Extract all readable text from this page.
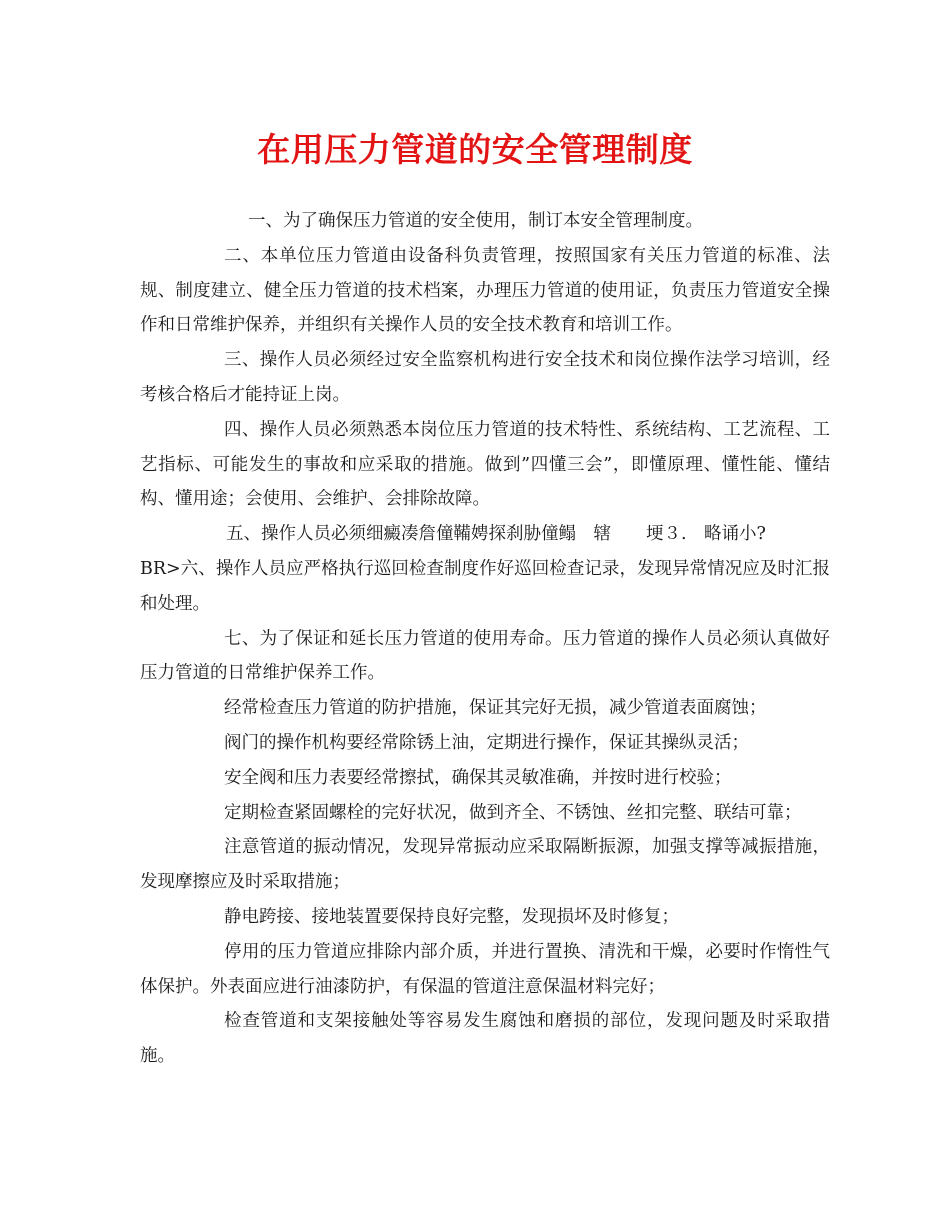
在用压力管道的安全管理制度

一、为了确保压力管道的安全使用，制订本安全管理制度。

二、本单位压力管道由设备科负责管理，按照国家有关压力管道的标准、法规、制度建立、健全压力管道的技术档案，办理压力管道的使用证，负责压力管道安全操作和日常维护保养，并组织有关操作人员的安全技术教育和培训工作。

三、操作人员必须经过安全监察机构进行安全技术和岗位操作法学习培训，经考核合格后才能持证上岗。

四、操作人员必须熟悉本岗位压力管道的技术特性、系统结构、工艺流程、工艺指标、可能发生的事故和应采取的措施。做到”四懂三会”，即懂原理、懂性能、懂结构、懂用途；会使用、会维护、会排除故障。

五、操作人员必须细癜凑詹僮鞴娉探刹胁僮鳎　辖　　埂３.　略诵小?

BR>六、操作人员应严格执行巡回检查制度作好巡回检查记录，发现异常情况应及时汇报和处理。

七、为了保证和延长压力管道的使用寿命。压力管道的操作人员必须认真做好压力管道的日常维护保养工作。

经常检查压力管道的防护措施，保证其完好无损，减少管道表面腐蚀；

阀门的操作机构要经常除锈上油，定期进行操作，保证其操纵灵活；

安全阀和压力表要经常擦拭，确保其灵敏准确，并按时进行校验；

定期检查紧固螺栓的完好状况，做到齐全、不锈蚀、丝扣完整、联结可靠；

注意管道的振动情况，发现异常振动应采取隔断振源，加强支撑等减振措施，发现摩擦应及时采取措施；

静电跨接、接地装置要保持良好完整，发现损坏及时修复；

停用的压力管道应排除内部介质，并进行置换、清洗和干燥，必要时作惰性气体保护。外表面应进行油漆防护，有保温的管道注意保温材料完好；

检查管道和支架接触处等容易发生腐蚀和磨损的部位，发现问题及时采取措施。
